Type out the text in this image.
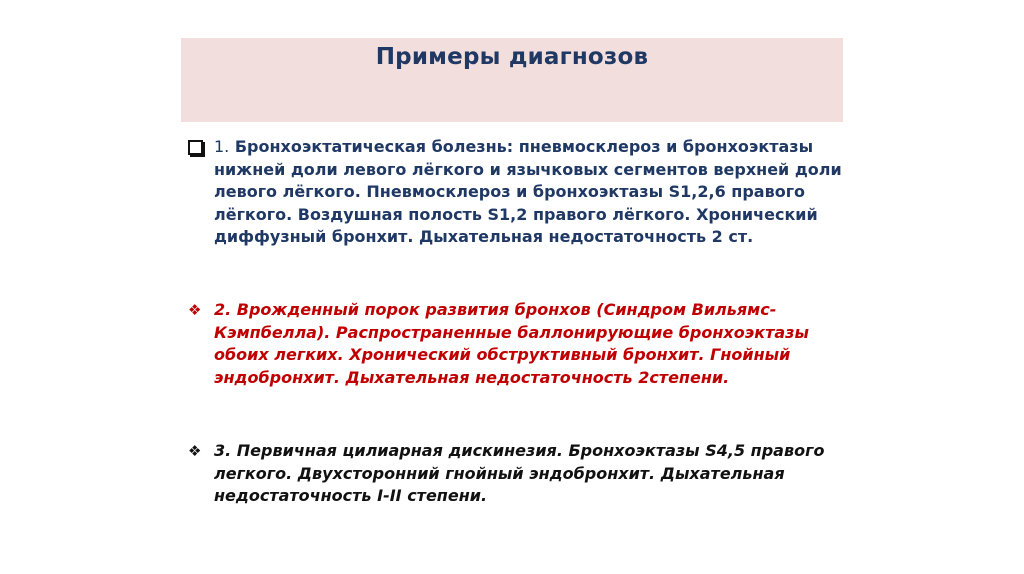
Примеры диагнозов
1. Бронхоэктатическая болезнь: пневмосклероз и бронхоэктазы нижней доли левого лёгкого и язычковых сегментов верхней доли левого лёгкого. Пневмосклероз и бронхоэктазы S1,2,6 правого лёгкого. Воздушная полость S1,2 правого лёгкого. Хронический диффузный бронхит. Дыхательная недостаточность 2 ст.
❖ 2. Врожденный порок развития бронхов (Синдром Вильямс-Кэмпбелла). Распространенные баллонирующие бронхоэктазы обоих легких. Хронический обструктивный бронхит. Гнойный эндобронхит. Дыхательная недостаточность 2степени.
❖ 3. Первичная цилиарная дискинезия. Бронхоэктазы S4,5 правого легкого. Двухсторонний гнойный эндобронхит. Дыхательная недостаточность I-II степени.
